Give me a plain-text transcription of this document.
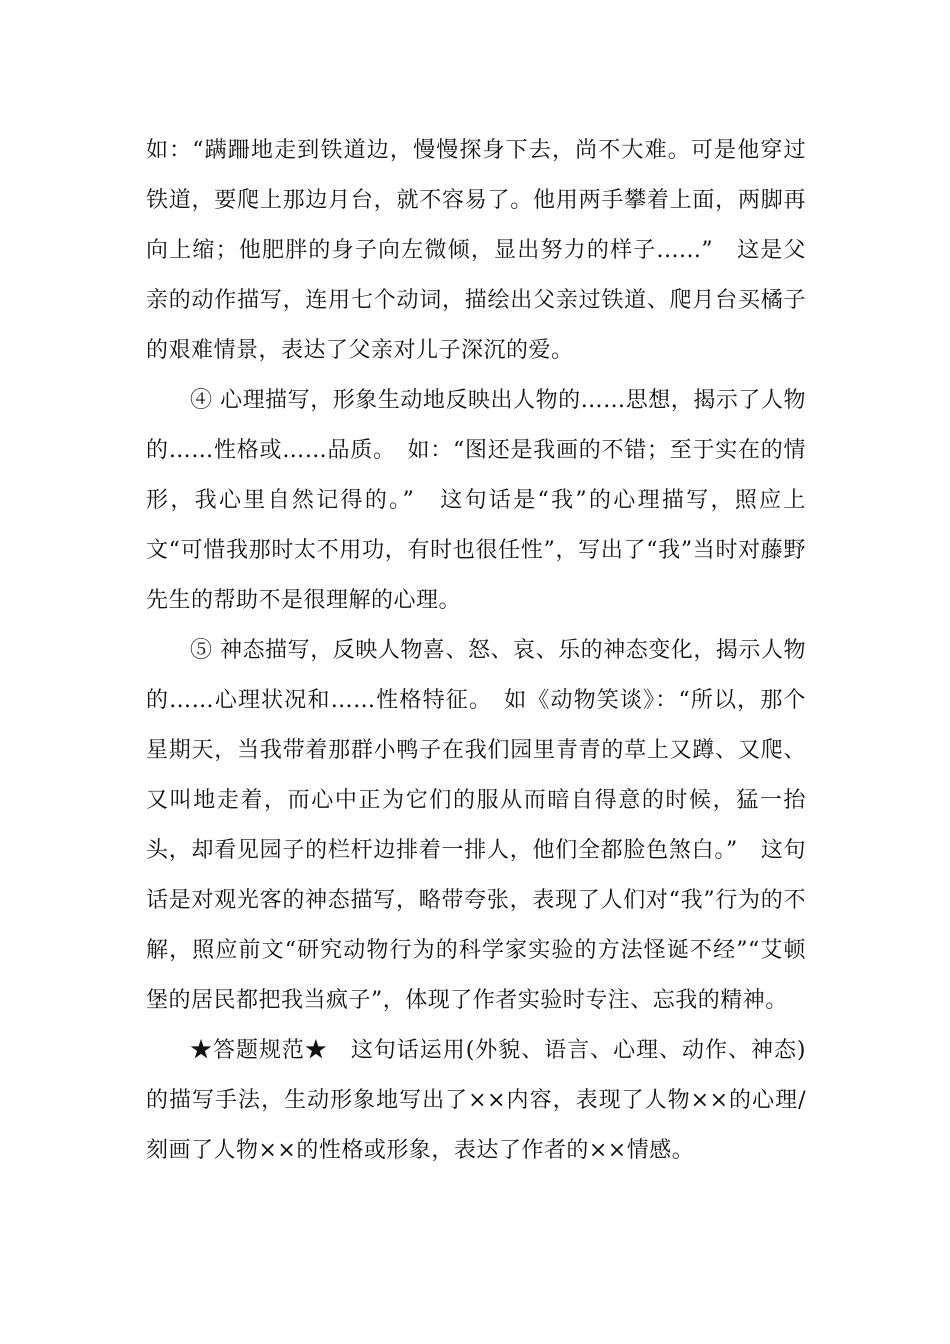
如：“蹒跚地走到铁道边，慢慢探身下去，尚不大难。可是他穿过铁道，要爬上那边月台，就不容易了。他用两手攀着上面，两脚再向上缩；他肥胖的身子向左微倾，显出努力的样子......”　这是父亲的动作描写，连用七个动词，描绘出父亲过铁道、爬月台买橘子的艰难情景，表达了父亲对儿子深沉的爱。

④ 心理描写，形象生动地反映出人物的……思想，揭示了人物的……性格或……品质。　如：“图还是我画的不错；至于实在的情形，我心里自然记得的。”　这句话是“我”的心理描写，照应上文“可惜我那时太不用功，有时也很任性”，写出了“我”当时对藤野先生的帮助不是很理解的心理。

⑤ 神态描写，反映人物喜、怒、哀、乐的神态变化，揭示人物的……心理状况和……性格特征。　如《动物笑谈》：“所以，那个星期天，当我带着那群小鸭子在我们园里青青的草上又蹲、又爬、又叫地走着，而心中正为它们的服从而暗自得意的时候，猛一抬头，却看见园子的栏杆边排着一排人，他们全都脸色煞白。”　这句话是对观光客的神态描写，略带夸张，表现了人们对“我”行为的不解，照应前文“研究动物行为的科学家实验的方法怪诞不经”“艾顿堡的居民都把我当疯子”，体现了作者实验时专注、忘我的精神。

★答题规范★　这句话运用(外貌、语言、心理、动作、神态)的描写手法，生动形象地写出了××内容，表现了人物××的心理/刻画了人物××的性格或形象，表达了作者的××情感。
